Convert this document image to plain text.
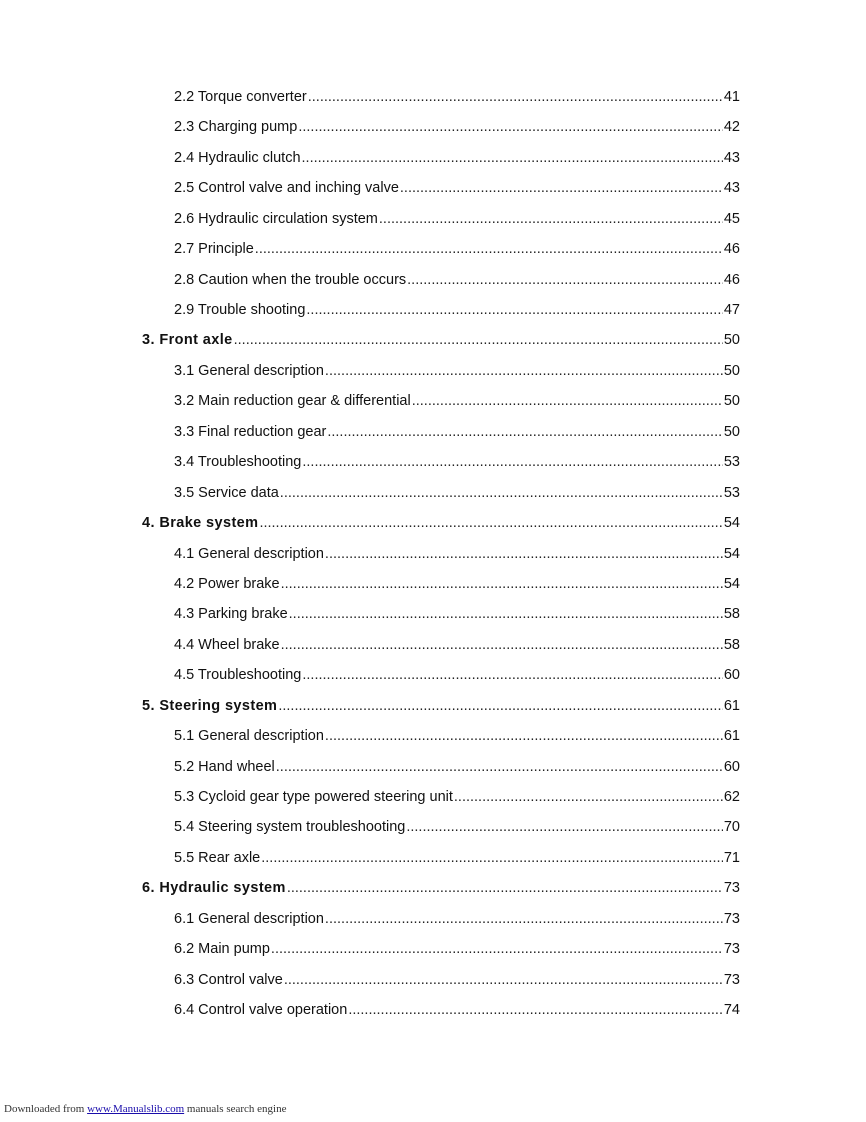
2.2 Torque converter .....	41
2.3 Charging pump .....	42
2.4 Hydraulic clutch .....	43
2.5 Control valve and inching valve .....	43
2.6 Hydraulic circulation system .....	45
2.7 Principle .....	46
2.8 Caution when the trouble occurs .....	46
2.9 Trouble shooting .....	47
3. Front axle .....	50
3.1 General description .....	50
3.2 Main reduction gear & differential .....	50
3.3 Final reduction gear .....	50
3.4 Troubleshooting .....	53
3.5 Service data .....	53
4. Brake system .....	54
4.1 General description .....	54
4.2 Power brake .....	54
4.3 Parking brake .....	58
4.4 Wheel brake .....	58
4.5 Troubleshooting .....	60
5. Steering system .....	61
5.1 General description .....	61
5.2 Hand wheel .....	60
5.3 Cycloid gear type powered steering unit .....	62
5.4 Steering system troubleshooting .....	70
5.5 Rear axle .....	71
6. Hydraulic system .....	73
6.1 General description .....	73
6.2 Main pump .....	73
6.3 Control valve .....	73
6.4 Control valve operation .....	74
Downloaded from www.Manualslib.com manuals search engine
